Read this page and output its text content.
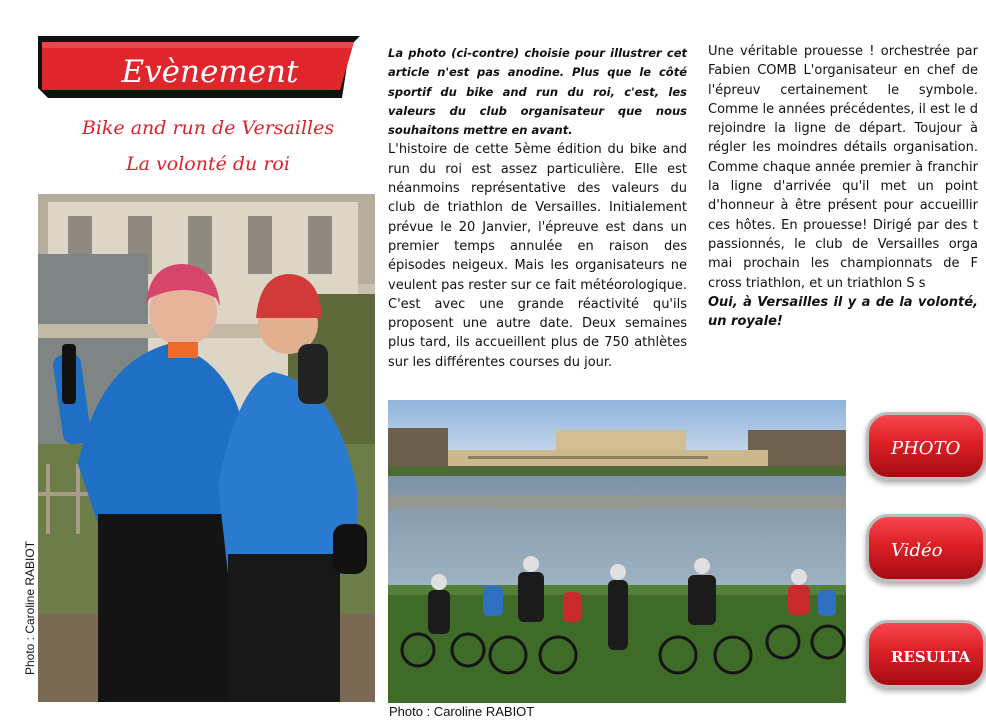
Evènement
Bike and run de Versailles
La volonté du roi
Photo : Caroline RABIOT

La photo (ci-contre) choisie pour illustrer cet article n'est pas anodine. Plus que le côté sportif du bike and run du roi, c'est, les valeurs du club organisateur que nous souhaitons mettre en avant.

L'histoire de cette 5ème édition du bike and run du roi est assez particulière. Elle est néanmoins représentative des valeurs du club de triathlon de Versailles. Initialement prévue le 20 Janvier, l'épreuve est dans un premier temps annulée en raison des épisodes neigeux. Mais les organisateurs ne veulent pas rester sur ce fait météorologique. C'est avec une grande réactivité qu'ils proposent une autre date. Deux semaines plus tard, ils accueillent plus de 750 athlètes sur les différentes courses du jour.

Une véritable prouesse ! orchestrée par Fabien COMB L'organisateur en chef de l'épreuv certainement le symbole. Comme le années précédentes, il est le d rejoindre la ligne de départ. Toujour à régler les moindres détails organisation. Comme chaque année premier à franchir la ligne d'arrivée qu'il met un point d'honneur à être présent pour accueillir ces hôtes. En prouesse! Dirigé par des t passionnés, le club de Versailles orga mai prochain les championnats de F cross triathlon, et un triathlon S s

Oui, à Versailles il y a de la volonté, un royale!

Photo : Caroline RABIOT
PHOTO
Vidéo
RESULTA
